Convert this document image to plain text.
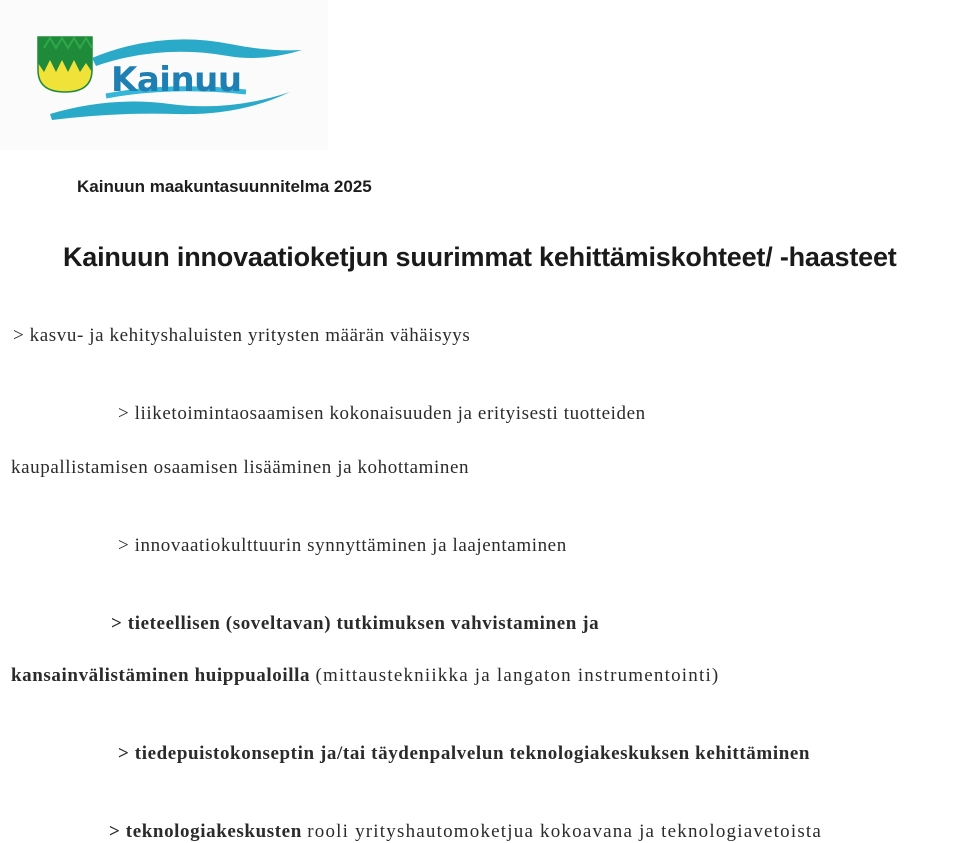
Kainuu
Kainuun maakuntasuunnitelma 2025
Kainuun innovaatioketjun suurimmat kehittämiskohteet/ -haasteet
> kasvu- ja kehityshaluisten yritysten määrän vähäisyys
> liiketoimintaosaamisen kokonaisuuden ja erityisesti tuotteiden
kaupallistamisen osaamisen lisääminen ja kohottaminen
> innovaatiokulttuurin synnyttäminen ja laajentaminen
> tieteellisen (soveltavan) tutkimuksen vahvistaminen ja
kansainvälistäminen huippualoilla (mittaustekniikka ja langaton instrumentointi)
> tiedepuistokonseptin ja/tai täydenpalvelun teknologiakeskuksen kehittäminen
> teknologiakeskusten rooli yrityshautomoketjua kokoavana ja teknologiavetoista
